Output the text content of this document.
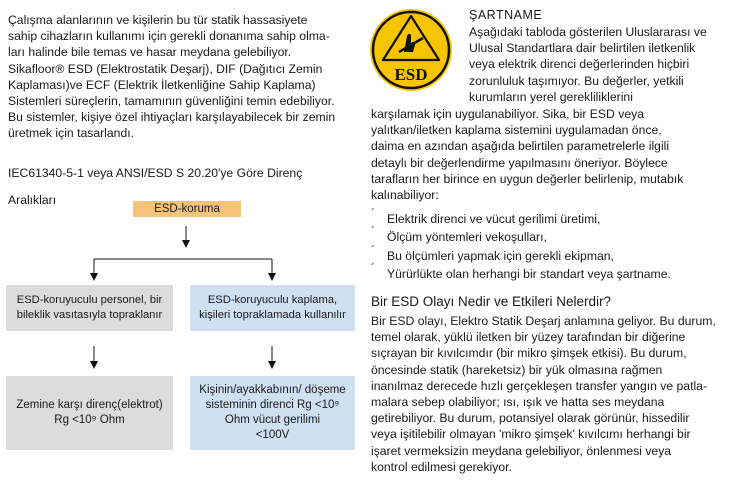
Çalışma alanlarının ve kişilerin bu tür statik hassasiyete
sahip cihazların kullanımı için gerekli donanıma sahip olma-
ları halinde bile temas ve hasar meydana gelebiliyor.
Sikafloor® ESD (Elektrostatik Deşarj), DIF (Dağıtıcı Zemin
Kaplaması)ve ECF (Elektrik İletkenliğine Sahip Kaplama)
Sistemleri süreçlerin, tamamının güvenliğini temin edebiliyor.
Bu sistemler, kişiye özel ihtiyaçları karşılayabilecek bir zemin
üretmek için tasarlandı.
IEC61340-5-1 veya ANSI/ESD S 20.20'ye Göre Direnç
Aralıkları
ESD-koruma
ESD-koruyuculu personel, bir
bileklik vasıtasıyla topraklanır
ESD-koruyuculu kaplama,
kişileri topraklamada kullanılır
Zemine karşı direnç(elektrot)
Rg <10⁹ Ohm
Kişinin/ayakkabının/ döşeme
sisteminin direnci Rg <10⁹
Ohm vücut gerilimi
<100V
ESD
ŞARTNAME
Aşağıdaki tabloda gösterilen Uluslararası ve
Ulusal Standartlara dair belirtilen iletkenlik
veya elektrik direnci değerlerinden hiçbiri
zorunluluk taşımıyor. Bu değerler, yetkili
kurumların yerel gerekliliklerini
karşılamak için uygulanabiliyor. Sika, bir ESD veya
yalıtkan/iletken kaplama sistemini uygulamadan önce,
daima en azından aşağıda belirtilen parametrelerle ilgili
detaylı bir değerlendirme yapılmasını öneriyor. Böylece
tarafların her birince en uygun değerler belirlenip, mutabık
kalınabiliyor:
´ Elektrik direnci ve vücut gerilimi üretimi,
´ Ölçüm yöntemleri vekoşulları,
´ Bu ölçümleri yapmak için gerekli ekipman,
´ Yürürlükte olan herhangi bir standart veya şartname.
Bir ESD Olayı Nedir ve Etkileri Nelerdir?
Bir ESD olayı, Elektro Statik Deşarj anlamına geliyor. Bu durum,
temel olarak, yüklü iletken bir yüzey tarafından bir diğerine
sıçrayan bir kıvılcımdır (bir mikro şimşek etkisi). Bu durum,
öncesinde statik (hareketsiz) bir yük olmasına rağmen
inanılmaz derecede hızlı gerçekleşen transfer yangın ve patla-
malara sebep olabiliyor; ısı, ışık ve hatta ses meydana
getirebiliyor. Bu durum, potansiyel olarak görünür, hissedilir
veya işitilebilir olmayan 'mikro şimşek' kıvılcımı herhangi bir
işaret vermeksizin meydana gelebiliyor, önlenmesi veya
kontrol edilmesi gerekiyor.
